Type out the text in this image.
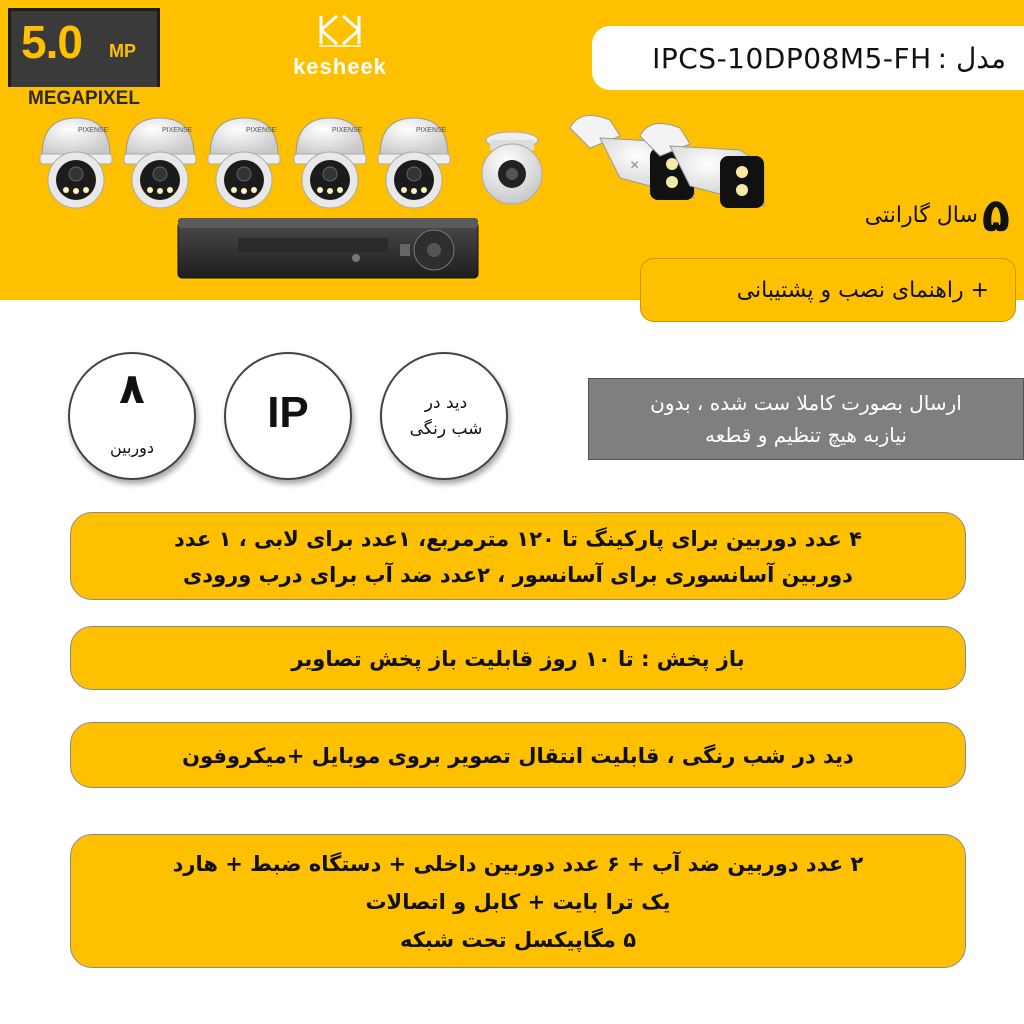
5.0 MP
MEGAPIXEL
kesheek	مدل :
IPCS-10DP08M5-FH
PIXENSE	PIXENSE	PIXENSE	PIXENSE	PIXENSE
×
۵
سال گارانتی
+ راهنمای نصب و پشتیبانی
۸
دوربین
IP	دید در
شب رنگی
ارسال بصورت کاملا ست شده ، بدون
نیازبه هیچ تنظیم و قطعه
۴ عدد دوربین برای پارکینگ تا ۱۲۰ مترمربع، ۱عدد برای لابی ، ۱ عدد
دوربین آسانسوری برای آسانسور ، ۲عدد ضد آب برای درب ورودی
باز پخش : تا ۱۰ روز قابلیت باز پخش تصاویر
دید در شب رنگی ، قابلیت انتقال تصویر بروی موبایل +میکروفون
۲ عدد دوربین ضد آب + ۶ عدد دوربین داخلی + دستگاه ضبط + هارد
یک ترا بایت + کابل و اتصالات
۵ مگاپیکسل تحت شبکه
